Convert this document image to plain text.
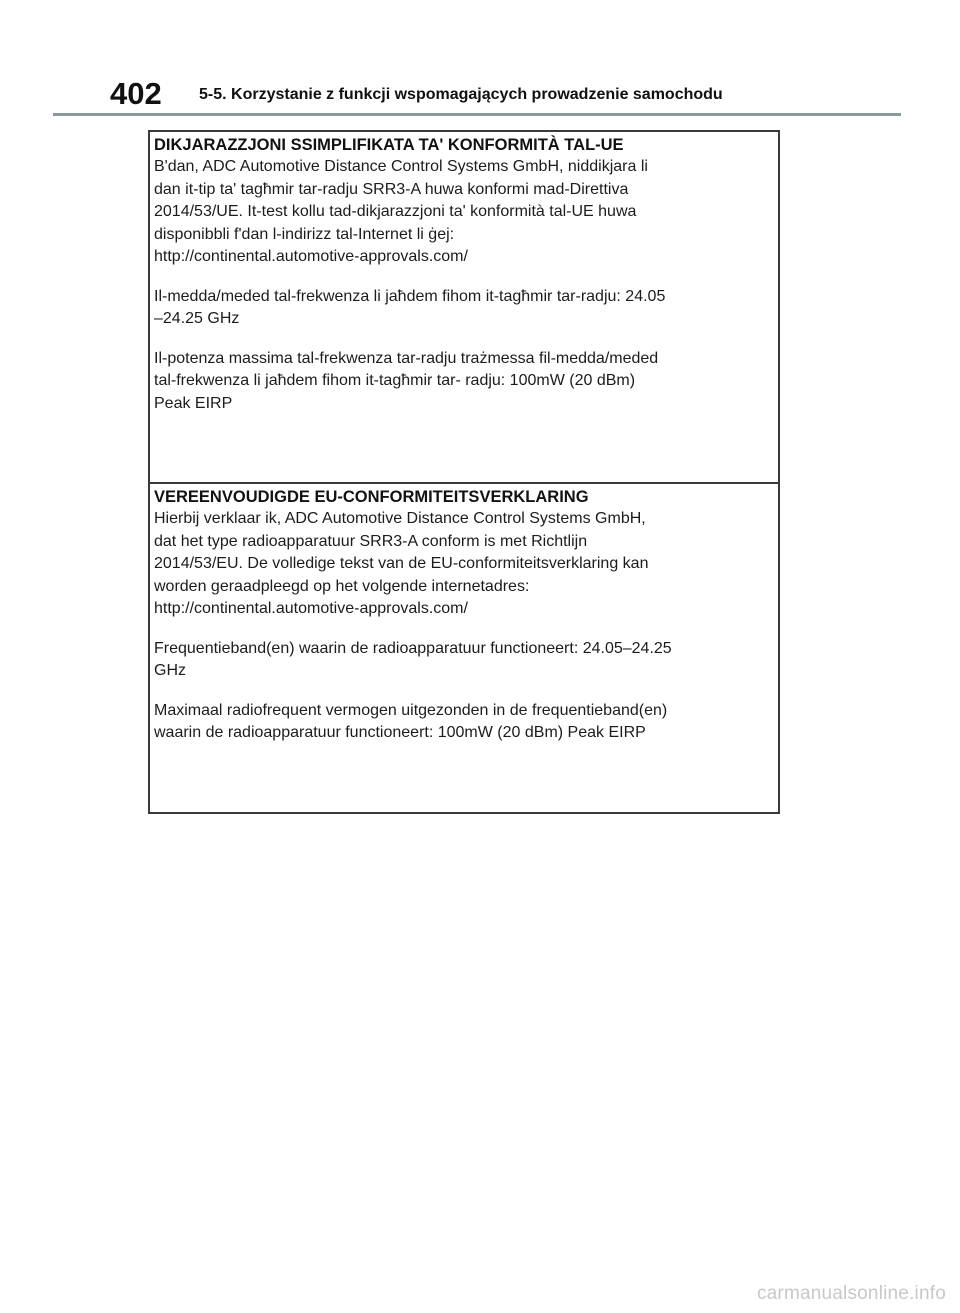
402 5-5. Korzystanie z funkcji wspomagających prowadzenie samochodu
DIKJARAZZJONI SSIMPLIFIKATA TA' KONFORMITÀ TAL-UE

B'dan, ADC Automotive Distance Control Systems GmbH, niddikjara li
dan it-tip ta' tagħmir tar-radju SRR3-A huwa konformi mad-Direttiva
2014/53/UE. It-test kollu tad-dikjarazzjoni ta' konformità tal-UE huwa
disponibbli f'dan l-indirizz tal-Internet li ġej:
http://continental.automotive-approvals.com/

Il-medda/meded tal-frekwenza li jaħdem fihom it-tagħmir tar-radju: 24.05
–24.25 GHz

Il-potenza massima tal-frekwenza tar-radju trażmessa fil-medda/meded
tal-frekwenza li jaħdem fihom it-tagħmir tar- radju: 100mW (20 dBm)
Peak EIRP

VEREENVOUDIGDE EU-CONFORMITEITSVERKLARING

Hierbij verklaar ik, ADC Automotive Distance Control Systems GmbH,
dat het type radioapparatuur SRR3-A conform is met Richtlijn
2014/53/EU. De volledige tekst van de EU-conformiteitsverklaring kan
worden geraadpleegd op het volgende internetadres:
http://continental.automotive-approvals.com/

Frequentieband(en) waarin de radioapparatuur functioneert: 24.05–24.25
GHz

Maximaal radiofrequent vermogen uitgezonden in de frequentieband(en)
waarin de radioapparatuur functioneert: 100mW (20 dBm) Peak EIRP

carmanualsonline.info
